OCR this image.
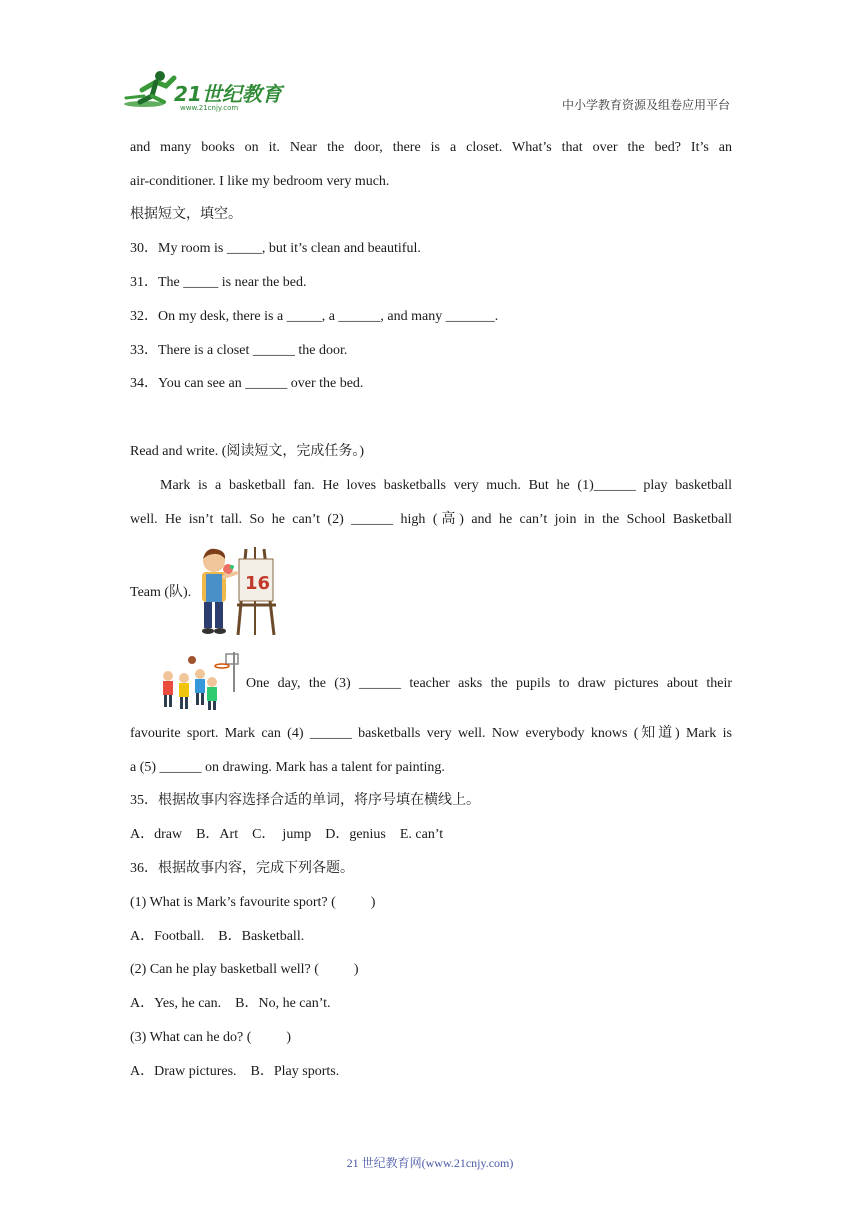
21世纪教育
www.21cnjy.com	中小学教育资源及组卷应用平台
and many books on it. Near the door, there is a closet. What’s that over the bed? It’s an
air-conditioner. I like my bedroom very much.
根据短文，填空。
30．My room is _____, but it’s clean and beautiful.
31．The _____ is near the bed.
32．On my desk, there is a _____, a ______, and many _______.
33．There is a closet ______ the door.
34．You can see an ______ over the bed.
Read and write. (阅读短文，完成任务。)
Mark is a basketball fan. He loves basketballs very much. But he (1)______ play basketball
well. He isn’t tall. So he can’t (2) ______ high (高) and he can’t join in the School Basketball
Team (队).	16
One day, the (3) ______ teacher asks the pupils to draw pictures about their
favourite sport. Mark can (4) ______ basketballs very well. Now everybody knows (知道) Mark is
a (5) ______ on drawing. Mark has a talent for painting.
35．根据故事内容选择合适的单词，将序号填在横线上。
A．draw    B．Art    C．  jump    D．genius    E. can’t
36．根据故事内容，完成下列各题。
(1) What is Mark’s favourite sport? (          )
A．Football.    B．Basketball.
(2) Can he play basketball well? (          )
A．Yes, he can.    B．No, he can’t.
(3) What can he do? (          )
A．Draw pictures.    B．Play sports.
21 世纪教育网(www.21cnjy.com)
